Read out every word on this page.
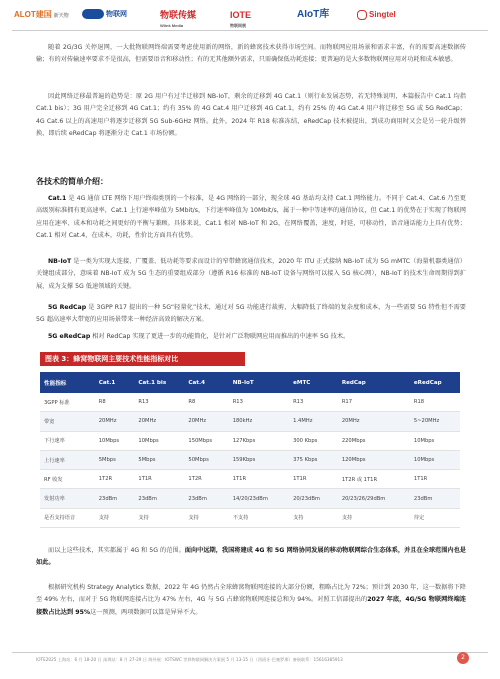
ALOT建国 新天物	物联网	物联传媒
Wlink Media
IOTE
物联网展
AIoT库	Singtel

随着 2G/3G 关停退网，一大批物联网终端需要考虑使用新的网络，新的蜂窝技术获得市场空间。而物联网应用场景和需求丰富，有的需要高速数据传输；有的对传输速率要求不是很高，但需要语音和移动性；有的无其他额外需求，只需确保低功耗连接；更普遍的是大多数物联网应用对功耗和成本敏感。

因此网络迁移最普遍的趋势是：原 2G 用户有过半迁移到 NB-IoT，剩余的迁移到 4G Cat.1（则行业发展态势，若无特殊说明，本篇报告中 Cat.1 均指 Cat.1 bis）；3G 用户完全迁移到 4G Cat.1；约有 35% 的 4G Cat.4 用户迁移到 4G Cat.1，约有 25% 的 4G Cat.4 用户将迁移至 5G 或 5G RedCap；4G Cat.6 以上的高速用户将逐步迁移到 5G Sub-6GHz 网络。此外，2024 年 R18 标准冻结，eRedCap 技术被提出，到成功商用时又会是另一轮升级替换，即后续 eRedCap 将逐渐分走 Cat.1 市场份额。

各技术的简单介绍：

Cat.1 是 4G 通信 LTE 网络下用户终端类别的一个标准，是 4G 网络的一部分，现全球 4G 基站均支持 Cat.1 网络能力。不同于 Cat.4、Cat.6 乃至更高级别标准拥有更高速率，Cat.1 上行速率峰值为 5Mbit/s，下行速率峰值为 10Mbit/s，属于一种中等速率的通信协议，但 Cat.1 的优势在于实现了物联网应用在速率、成本和功耗之间更好的平衡与兼顾。具体来说，Cat.1 相对 NB-IoT 和 2G，在网络覆盖，速度，时延，可移动性，语音通话能力上具有优势；Cat.1 相对 Cat.4，在成本，功耗，性价比方面具有优势。

NB-IoT 是一类为实现大连接、广覆盖、低功耗等要求而设计的窄带蜂窝通信技术，2020 年 ITU 正式接纳 NB-IoT 成为 5G mMTC（海量机器类通信）关键组成部分，意味着 NB-IoT 成为 5G 生态的重要组成部分（遵循 R16 标准的 NB-IoT 设备与网络可以接入 5G 核心网），NB-IoT 的技术生命周期得到扩展，成为支撑 5G 低速领域的关键。

5G RedCap 是 3GPP R17 提出的一种 5G“轻量化”技术，通过对 5G 功能进行裁剪，大幅降低了终端的复杂度和成本，为一些需要 5G 特性但不需要 5G 超高速率大带宽的应用场景带来一种经济高效的解决方案。

5G eRedCap 相对 RedCap 实现了更进一步的功能简化，是针对广泛物联网应用而推出的中速率 5G 技术。

图表 3：蜂窝物联网主要技术性能指标对比
性能指标	Cat.1	Cat.1 bis	Cat.4	NB-IoT	eMTC	RedCap	eRedCap
3GPP 标准	R8	R13	R8	R13	R13	R17	R18
带宽	20MHz	20MHz	20MHz	180kHz	1.4MHz	20MHz	5~20MHz
下行速率	10Mbps	10Mbps	150Mbps	127Kbps	300 Kbps	220Mbps	10Mbps
上行速率	5Mbps	5Mbps	50Mbps	159Kbps	375 Kbps	120Mbps	10Mbps
RF 收发	1T2R	1T1R	1T2R	1T1R	1T1R	1T2R 或 1T1R	1T1R
发射功率	23dBm	23dBm	23dBm	14/20/23dBm	20/23dBm	20/23/26/29dBm	23dBm
是否支持语音	支持	支持	支持	不支持	支持	支持	待定

而以上这些技术，其实都属于 4G 和 5G 的范围。面向中远期，我国将建成 4G 和 5G 网络协同发展的移动物联网综合生态体系，并且在全球范围内也是如此。

根据研究机构 Strategy Analytics 数据，2022 年 4G 仍然占全球蜂窝物联网连接的大部分份额，粗略占比为 72%；预计到 2030 年，这一数据将下降至 49% 左右，而对于 5G 物联网连接占比为 47% 左右，4G 与 5G 占蜂窝物联网连接总和为 94%。对照工信部提出的2027 年底，4G/5G 物联网终端连接数占比达到 95%这一预测，两项数据可以算是异异不大。

IOTE2025 上海站：6 月 18-20 日 深圳站：8 月 27-29 日 海外展：IOTSWC 世界物联网解决方案展 5 月 13-15 日（西班牙·巴塞罗那）参展联系：15616385913	2
